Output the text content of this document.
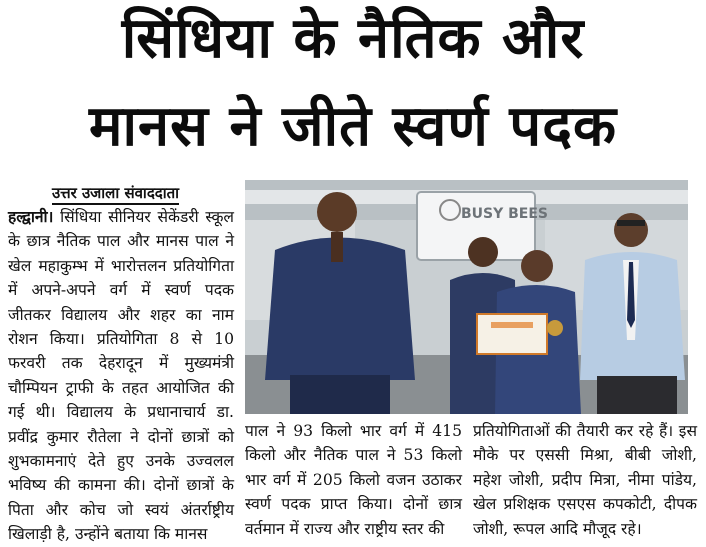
सिंधिया के नैतिक और
मानस ने जीते स्वर्ण पदक
उत्तर उजाला संवाददाता
हल्द्वानी। सिंधिया सीनियर सेकेंडरी स्कूल के छात्र नैतिक पाल और मानस पाल ने खेल महाकुम्भ में भारोत्तलन प्रतियोगिता में अपने-अपने वर्ग में स्वर्ण पदक जीतकर विद्यालय और शहर का नाम रोशन किया। प्रतियोगिता 8 से 10 फरवरी तक देहरादून में मुख्यमंत्री चौम्पियन ट्राफी के तहत आयोजित की गई थी। विद्यालय के प्रधानाचार्य डा. प्रवींद्र कुमार रौतेला ने दोनों छात्रों को शुभकामनाएं देते हुए उनके उज्वलल भविष्य की कामना की। दोनों छात्रों के पिता और कोच जो स्वयं अंतर्राष्ट्रीय खिलाड़ी है, उन्होंने बताया कि मानस
BUSY BEES
पाल ने 93 किलो भार वर्ग में 415 किलो और नैतिक पाल ने 53 किलो भार वर्ग में 205 किलो वजन उठाकर स्वर्ण पदक प्राप्त किया। दोनों छात्र वर्तमान में राज्य और राष्ट्रीय स्तर की
प्रतियोगिताओं की तैयारी कर रहे हैं। इस मौके पर एससी मिश्रा, बीबी जोशी, महेश जोशी, प्रदीप मित्रा, नीमा पांडेय, खेल प्रशिक्षक एसएस कपकोटी, दीपक जोशी, रूपल आदि मौजूद रहे।
